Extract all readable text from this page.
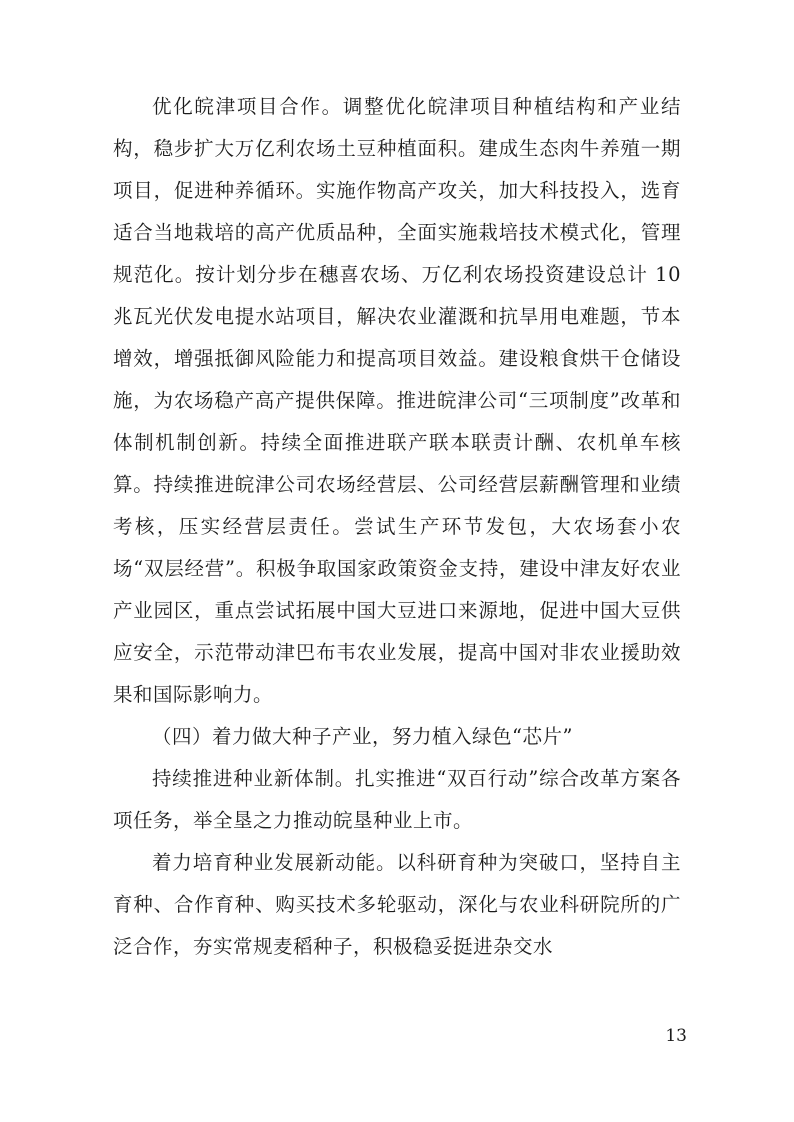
优化皖津项目合作。调整优化皖津项目种植结构和产业结构，稳步扩大万亿利农场土豆种植面积。建成生态肉牛养殖一期项目，促进种养循环。实施作物高产攻关，加大科技投入，选育适合当地栽培的高产优质品种，全面实施栽培技术模式化，管理规范化。按计划分步在穗喜农场、万亿利农场投资建设总计 10 兆瓦光伏发电提水站项目，解决农业灌溉和抗旱用电难题，节本增效，增强抵御风险能力和提高项目效益。建设粮食烘干仓储设施，为农场稳产高产提供保障。推进皖津公司“三项制度”改革和体制机制创新。持续全面推进联产联本联责计酬、农机单车核算。持续推进皖津公司农场经营层、公司经营层薪酬管理和业绩考核，压实经营层责任。尝试生产环节发包，大农场套小农场“双层经营”。积极争取国家政策资金支持，建设中津友好农业产业园区，重点尝试拓展中国大豆进口来源地，促进中国大豆供应安全，示范带动津巴布韦农业发展，提高中国对非农业援助效果和国际影响力。

（四）着力做大种子产业，努力植入绿色“芯片”

持续推进种业新体制。扎实推进“双百行动”综合改革方案各项任务，举全垦之力推动皖垦种业上市。

着力培育种业发展新动能。以科研育种为突破口，坚持自主育种、合作育种、购买技术多轮驱动，深化与农业科研院所的广泛合作，夯实常规麦稻种子，积极稳妥挺进杂交水

13
